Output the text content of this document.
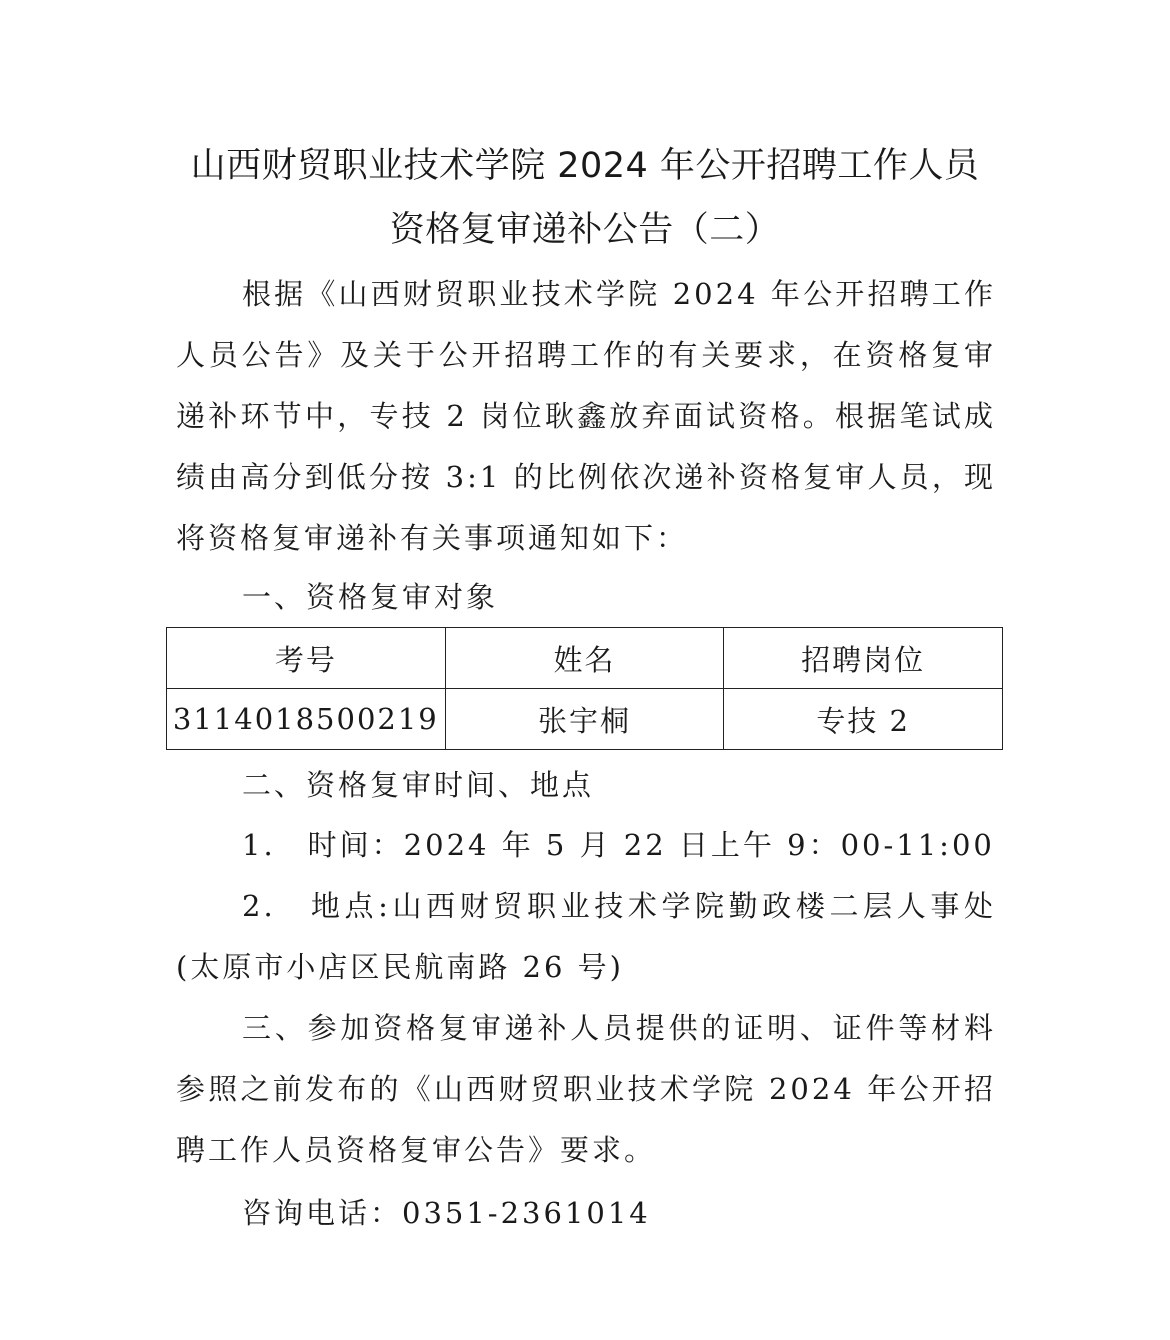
山西财贸职业技术学院 2024 年公开招聘工作人员
资格复审递补公告（二）

根据《山西财贸职业技术学院 2024 年公开招聘工作人员公告》及关于公开招聘工作的有关要求，在资格复审递补环节中，专技 2 岗位耿鑫放弃面试资格。根据笔试成绩由高分到低分按 3:1 的比例依次递补资格复审人员，现将资格复审递补有关事项通知如下：

一、资格复审对象

考号	姓名	招聘岗位
3114018500219	张宇桐	专技 2

二、资格复审时间、地点

1.　时间：2024 年 5 月 22 日上午 9：00-11:00

2.　地点:山西财贸职业技术学院勤政楼二层人事处(太原市小店区民航南路 26 号)

三、参加资格复审递补人员提供的证明、证件等材料参照之前发布的《山西财贸职业技术学院 2024 年公开招聘工作人员资格复审公告》要求。

咨询电话：0351-2361014
